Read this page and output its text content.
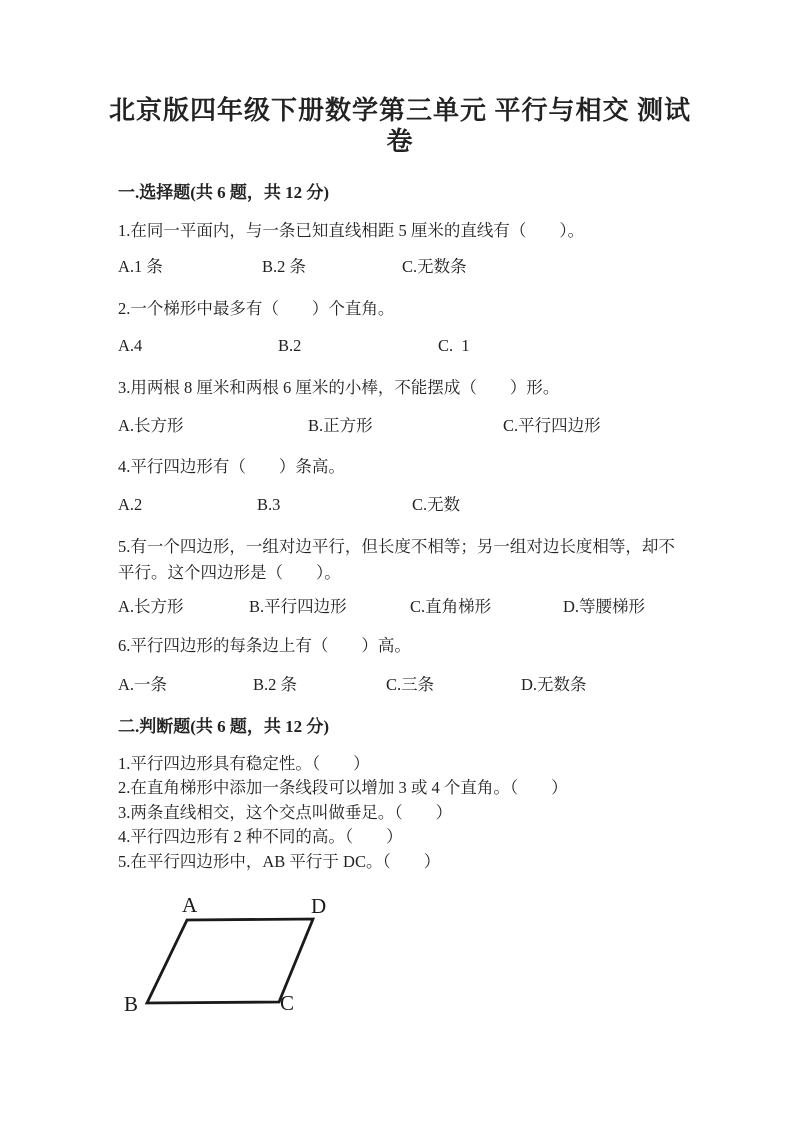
北京版四年级下册数学第三单元 平行与相交 测试
卷
一.选择题(共 6 题，共 12 分)
1.在同一平面内，与一条已知直线相距 5 厘米的直线有（　　）。
A.1 条	B.2 条	C.无数条
2.一个梯形中最多有（　　）个直角。
A.4	B.2	C.  1
3.用两根 8 厘米和两根 6 厘米的小棒，不能摆成（　　）形。
A.长方形	B.正方形	C.平行四边形
4.平行四边形有（　　）条高。
A.2	B.3	C.无数
5.有一个四边形，一组对边平行，但长度不相等；另一组对边长度相等，却不
平行。这个四边形是（　　）。
A.长方形	B.平行四边形	C.直角梯形	D.等腰梯形
6.平行四边形的每条边上有（　　）高。
A.一条	B.2 条	C.三条	D.无数条
二.判断题(共 6 题，共 12 分)
1.平行四边形具有稳定性。（　　）
2.在直角梯形中添加一条线段可以增加 3 或 4 个直角。（　　）
3.两条直线相交，这个交点叫做垂足。（　　）
4.平行四边形有 2 种不同的高。（　　）
5.在平行四边形中，AB 平行于 DC。（　　）
A	D
B	C
